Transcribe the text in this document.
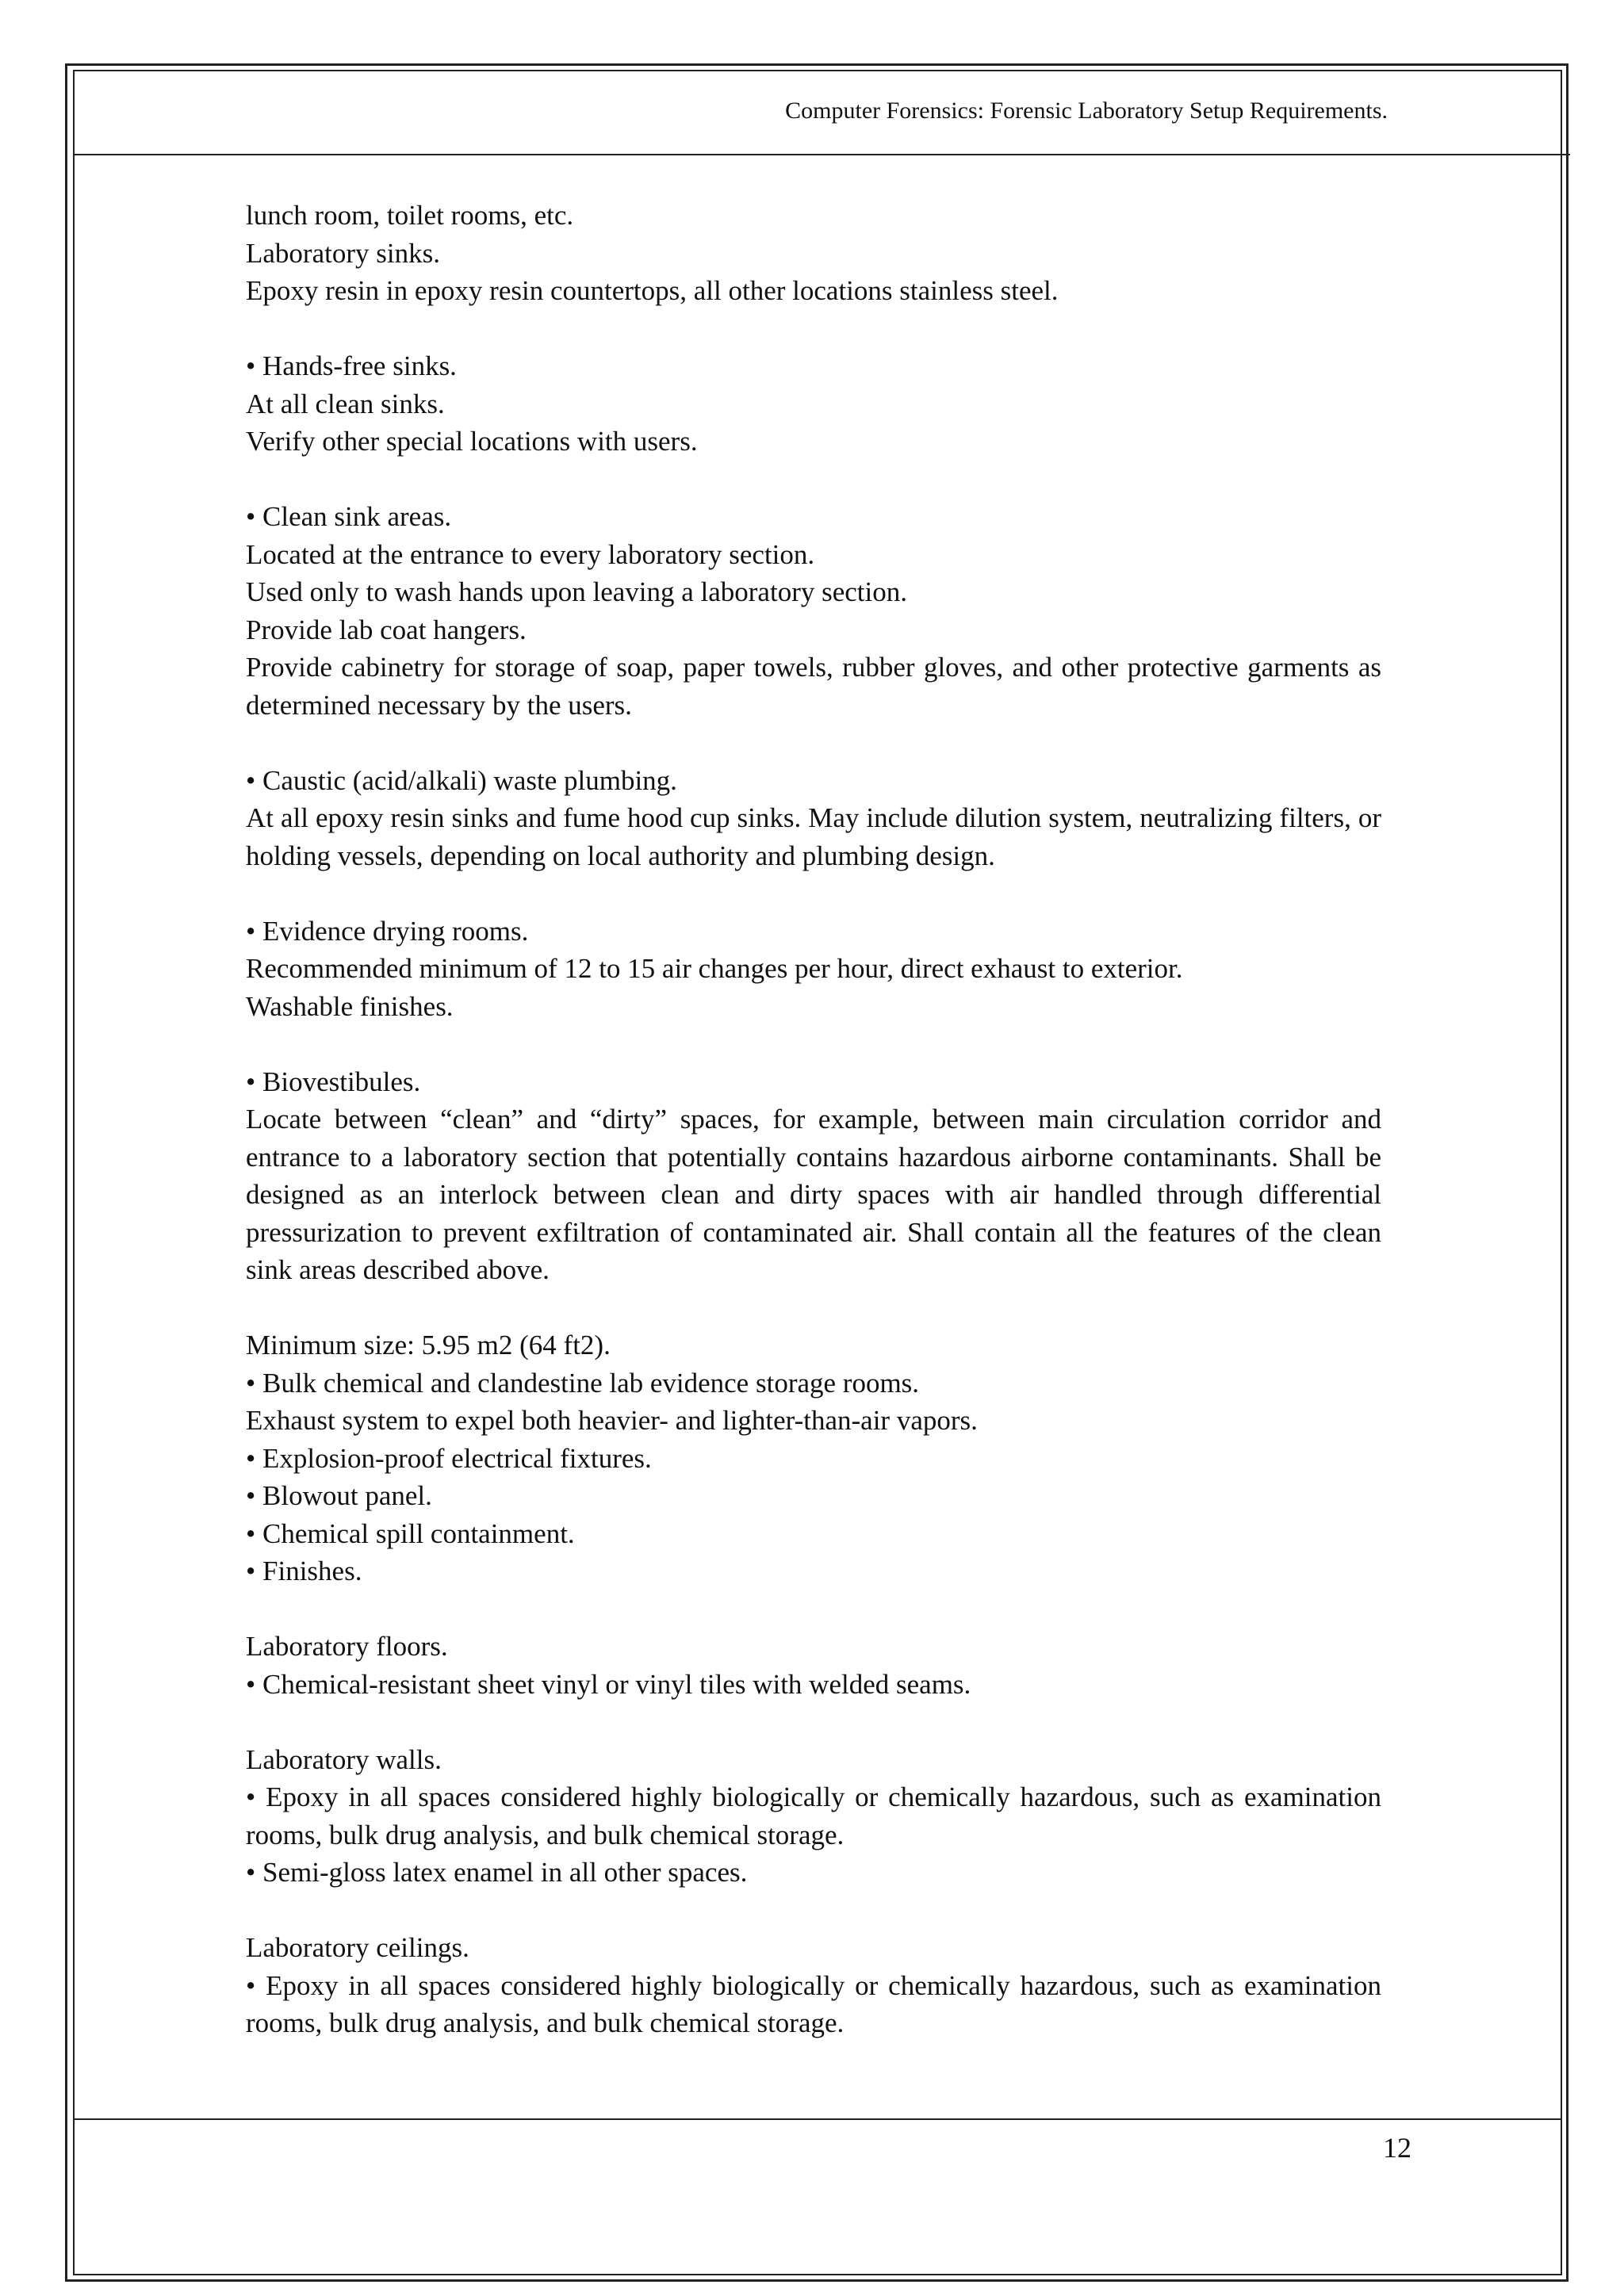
Computer Forensics: Forensic Laboratory Setup Requirements.

lunch room, toilet rooms, etc.

Laboratory sinks.

Epoxy resin in epoxy resin countertops, all other locations stainless steel.

• Hands-free sinks.

At all clean sinks.

Verify other special locations with users.

• Clean sink areas.

Located at the entrance to every laboratory section.

Used only to wash hands upon leaving a laboratory section.

Provide lab coat hangers.

Provide cabinetry for storage of soap, paper towels, rubber gloves, and other protective garments as determined necessary by the users.

• Caustic (acid/alkali) waste plumbing.

At all epoxy resin sinks and fume hood cup sinks. May include dilution system, neutralizing filters, or holding vessels, depending on local authority and plumbing design.

• Evidence drying rooms.

Recommended minimum of 12 to 15 air changes per hour, direct exhaust to exterior.

Washable finishes.

• Biovestibules.

Locate between “clean” and “dirty” spaces, for example, between main circulation corridor and entrance to a laboratory section that potentially contains hazardous airborne contaminants. Shall be designed as an interlock between clean and dirty spaces with air handled through differential pressurization to prevent exfiltration of contaminated air. Shall contain all the features of the clean sink areas described above.

Minimum size: 5.95 m2 (64 ft2).

• Bulk chemical and clandestine lab evidence storage rooms.

Exhaust system to expel both heavier- and lighter-than-air vapors.

• Explosion-proof electrical fixtures.

• Blowout panel.

• Chemical spill containment.

• Finishes.

Laboratory floors.

• Chemical-resistant sheet vinyl or vinyl tiles with welded seams.

Laboratory walls.

• Epoxy in all spaces considered highly biologically or chemically hazardous, such as examination rooms, bulk drug analysis, and bulk chemical storage.

• Semi-gloss latex enamel in all other spaces.

Laboratory ceilings.

• Epoxy in all spaces considered highly biologically or chemically hazardous, such as examination rooms, bulk drug analysis, and bulk chemical storage.

12
